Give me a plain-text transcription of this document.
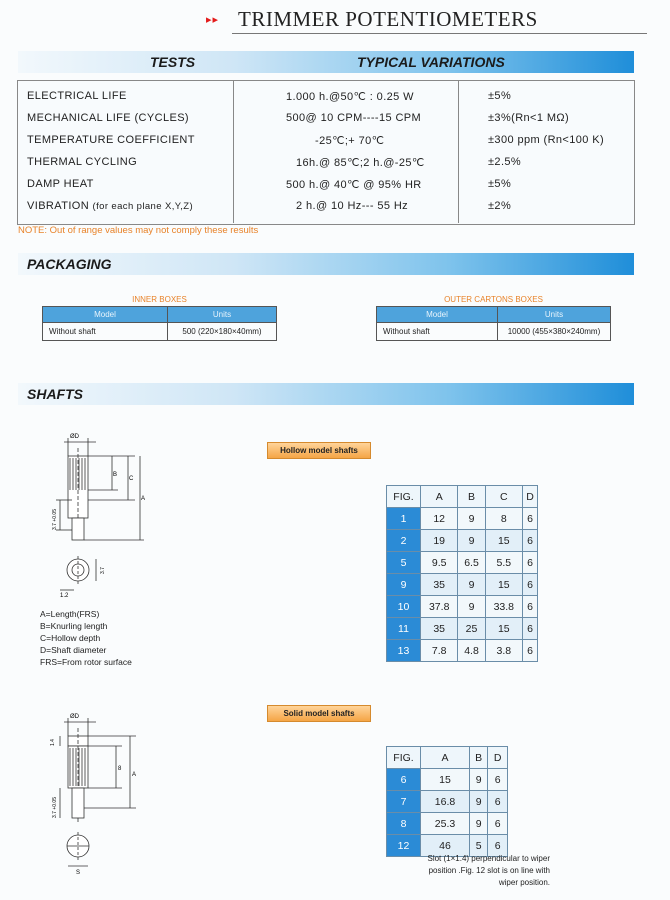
▸▸ TRIMMER POTENTIOMETERS
TESTS	TYPICAL VARIATIONS
ELECTRICAL LIFE	1.000 h.@50℃ : 0.25 W	±5%
MECHANICAL LIFE (CYCLES)	500@ 10 CPM----15 CPM	±3%(Rn<1 MΩ)
TEMPERATURE COEFFICIENT	-25℃;+ 70℃	±300 ppm (Rn<100 K)
THERMAL CYCLING	16h.@ 85℃;2 h.@-25℃	±2.5%
DAMP HEAT	500 h.@ 40℃ @ 95% HR	±5%
VIBRATION (for each plane X,Y,Z)	2 h.@ 10 Hz--- 55 Hz	±2%
NOTE: Out of range values may not comply these results
PACKAGING
INNER BOXES
Model	Units
Without shaft	500 (220×180×40mm)
OUTER CARTONS BOXES
Model	Units
Without shaft	10000 (455×380×240mm)
SHAFTS
Hollow model shafts
ØD
B
C
A
3.7 +0.05
3.7
1.2
A=Length(FRS)
B=Knurling length
C=Hollow depth
D=Shaft diameter
FRS=From rotor surface
FIG.	A	B	C	D
1	12	9	8	6
2	19	9	15	6
5	9.5	6.5	5.5	6
9	35	9	15	6
10	37.8	9	33.8	6
11	35	25	15	6
13	7.8	4.8	3.8	6
Solid model shafts
ØD
1.4
8
A
3.7 +0.05
S
FIG.	A	B	D
6	15	9	6
7	16.8	9	6
8	25.3	9	6
12	46	5	6
Slot (1×1.4) perpendicular to wiper
position .Fig. 12 slot is on line with
wiper position.
